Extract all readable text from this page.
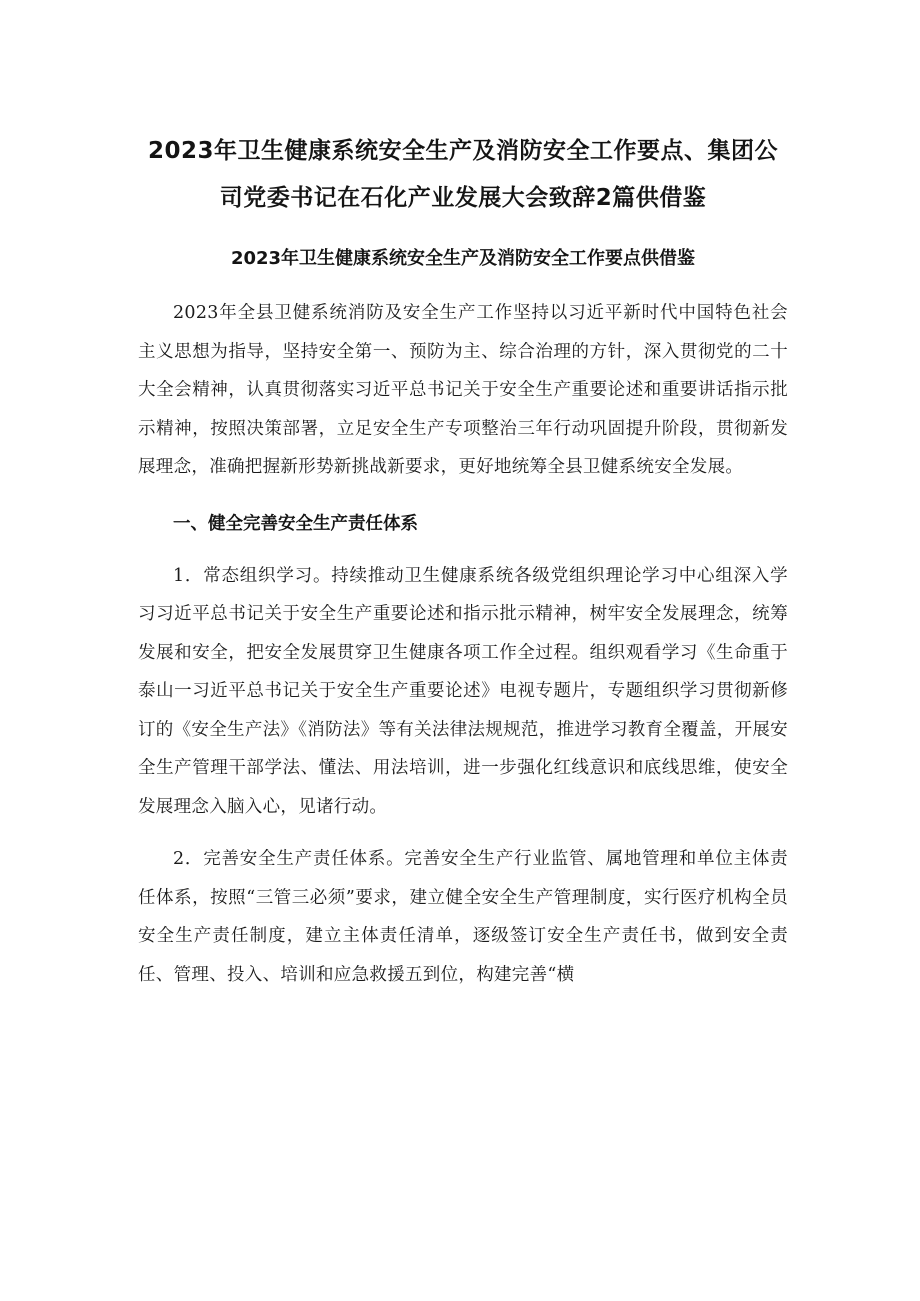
2023年卫生健康系统安全生产及消防安全工作要点、集团公
司党委书记在石化产业发展大会致辞2篇供借鉴
2023年卫生健康系统安全生产及消防安全工作要点供借鉴

2023年全县卫健系统消防及安全生产工作坚持以习近平新时代中国特色社会主义思想为指导，坚持安全第一、预防为主、综合治理的方针，深入贯彻党的二十大全会精神，认真贯彻落实习近平总书记关于安全生产重要论述和重要讲话指示批示精神，按照决策部署，立足安全生产专项整治三年行动巩固提升阶段，贯彻新发展理念，准确把握新形势新挑战新要求，更好地统筹全县卫健系统安全发展。

一、健全完善安全生产责任体系

1．常态组织学习。持续推动卫生健康系统各级党组织理论学习中心组深入学习习近平总书记关于安全生产重要论述和指示批示精神，树牢安全发展理念，统筹发展和安全，把安全发展贯穿卫生健康各项工作全过程。组织观看学习《生命重于泰山一习近平总书记关于安全生产重要论述》电视专题片，专题组织学习贯彻新修订的《安全生产法》《消防法》等有关法律法规规范，推进学习教育全覆盖，开展安全生产管理干部学法、懂法、用法培训，进一步强化红线意识和底线思维，使安全发展理念入脑入心，见诸行动。

2．完善安全生产责任体系。完善安全生产行业监管、属地管理和单位主体责任体系，按照“三管三必须”要求，建立健全安全生产管理制度，实行医疗机构全员安全生产责任制度，建立主体责任清单，逐级签订安全生产责任书，做到安全责任、管理、投入、培训和应急救援五到位，构建完善“横
